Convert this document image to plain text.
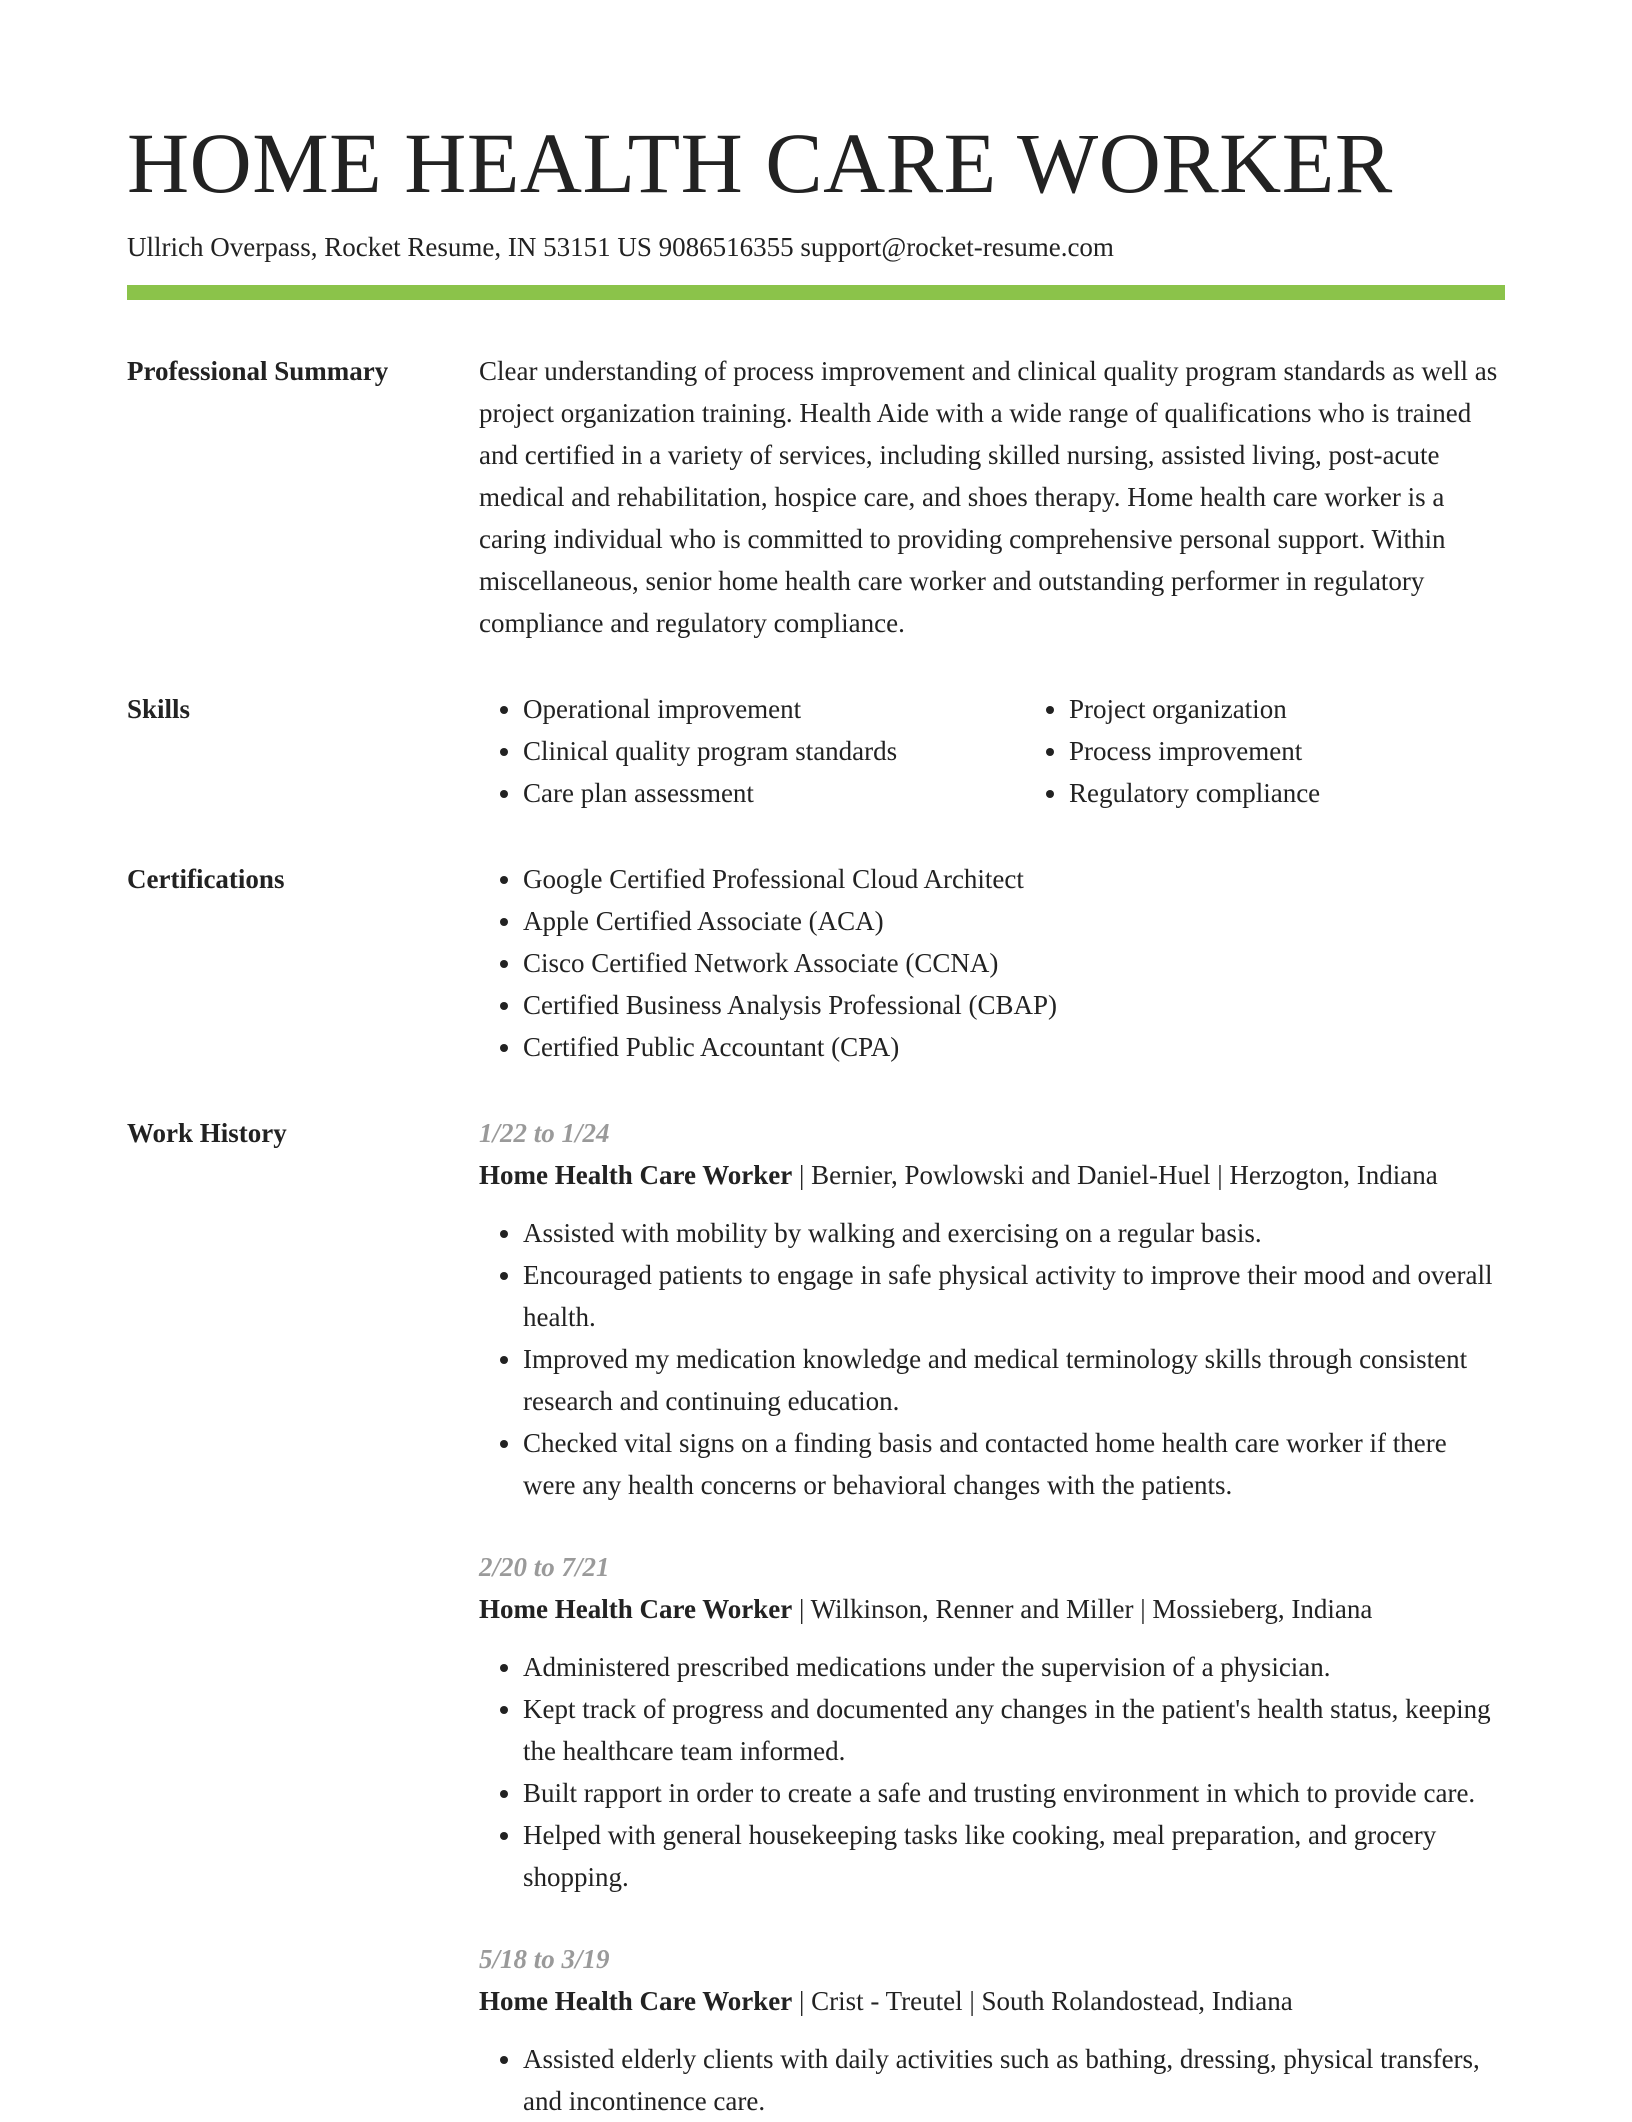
HOME HEALTH CARE WORKER
Ullrich Overpass, Rocket Resume, IN 53151 US 9086516355 support@rocket-resume.com
Professional Summary	Clear understanding of process improvement and clinical quality program standards as well as project organization training. Health Aide with a wide range of qualifications who is trained and certified in a variety of services, including skilled nursing, assisted living, post-acute medical and rehabilitation, hospice care, and shoes therapy. Home health care worker is a caring individual who is committed to providing comprehensive personal support. Within miscellaneous, senior home health care worker and outstanding performer in regulatory compliance and regulatory compliance.

Skills	• Operational improvement
• Clinical quality program standards
• Care plan assessment
• Project organization
• Process improvement
• Regulatory compliance
Certifications	• Google Certified Professional Cloud Architect
• Apple Certified Associate (ACA)
• Cisco Certified Network Associate (CCNA)
• Certified Business Analysis Professional (CBAP)
• Certified Public Accountant (CPA)
Work History	1/22 to 1/24
Home Health Care Worker | Bernier, Powlowski and Daniel-Huel | Herzogton, Indiana
• Assisted with mobility by walking and exercising on a regular basis.
• Encouraged patients to engage in safe physical activity to improve their mood and overall health.
• Improved my medication knowledge and medical terminology skills through consistent research and continuing education.
• Checked vital signs on a finding basis and contacted home health care worker if there were any health concerns or behavioral changes with the patients.
2/20 to 7/21
Home Health Care Worker | Wilkinson, Renner and Miller | Mossieberg, Indiana
• Administered prescribed medications under the supervision of a physician.
• Kept track of progress and documented any changes in the patient's health status, keeping the healthcare team informed.
• Built rapport in order to create a safe and trusting environment in which to provide care.
• Helped with general housekeeping tasks like cooking, meal preparation, and grocery shopping.
5/18 to 3/19
Home Health Care Worker | Crist - Treutel | South Rolandostead, Indiana
• Assisted elderly clients with daily activities such as bathing, dressing, physical transfers, and incontinence care.
